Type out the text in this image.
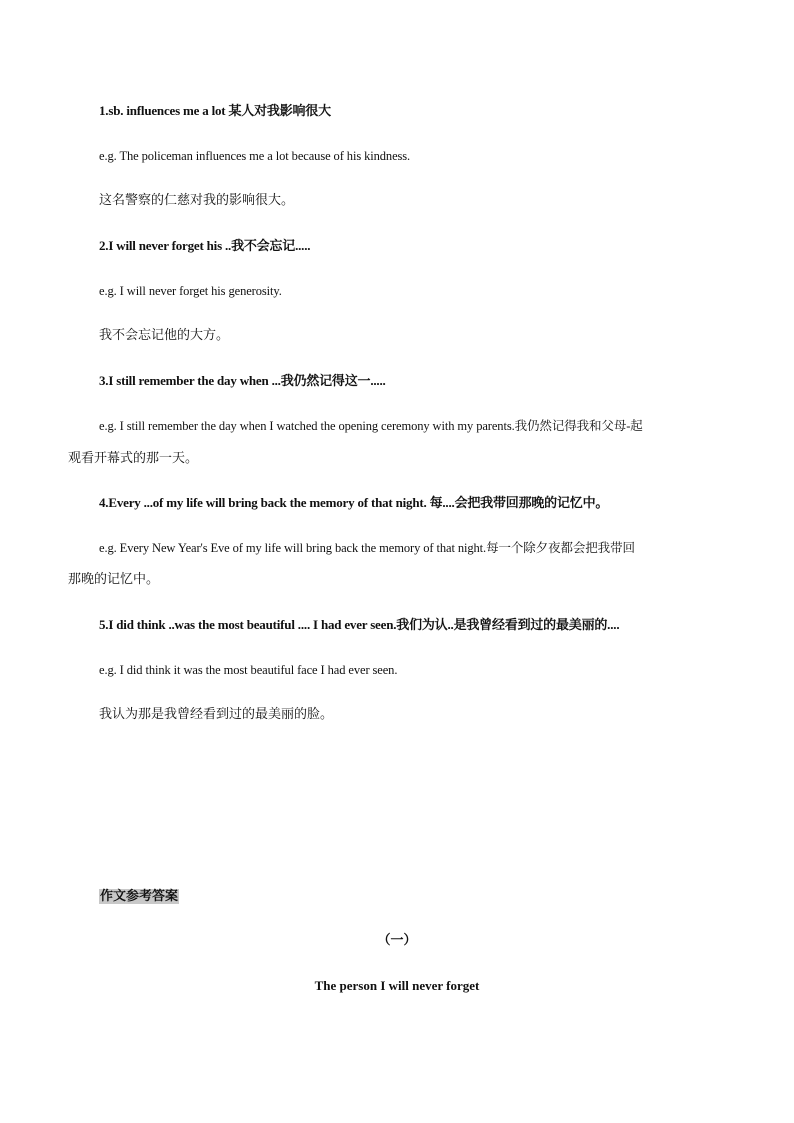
1.sb. influences me a lot 某人对我影响很大
e.g. The policeman influences me a lot because of his kindness.
这名警察的仁慈对我的影响很大。
2.I will never forget his ..我不会忘记.....
e.g. I will never forget his generosity.
我不会忘记他的大方。
3.I still remember the day when ...我仍然记得这一.....
e.g. I still remember the day when I watched the opening ceremony with my parents.我仍然记得我和父母-起
观看开幕式的那一天。
4.Every ...of my life will bring back the memory of that night. 每....会把我带回那晚的记忆中。
e.g. Every New Year's Eve of my life will bring back the memory of that night.每一个除夕夜都会把我带回
那晚的记忆中。
5.I did think ..was the most beautiful .... I had ever seen.我们为认..是我曾经看到过的最美丽的....
e.g. I did think it was the most beautiful face I had ever seen.
我认为那是我曾经看到过的最美丽的脸。
作文参考答案
（一）
The person I will never forget
